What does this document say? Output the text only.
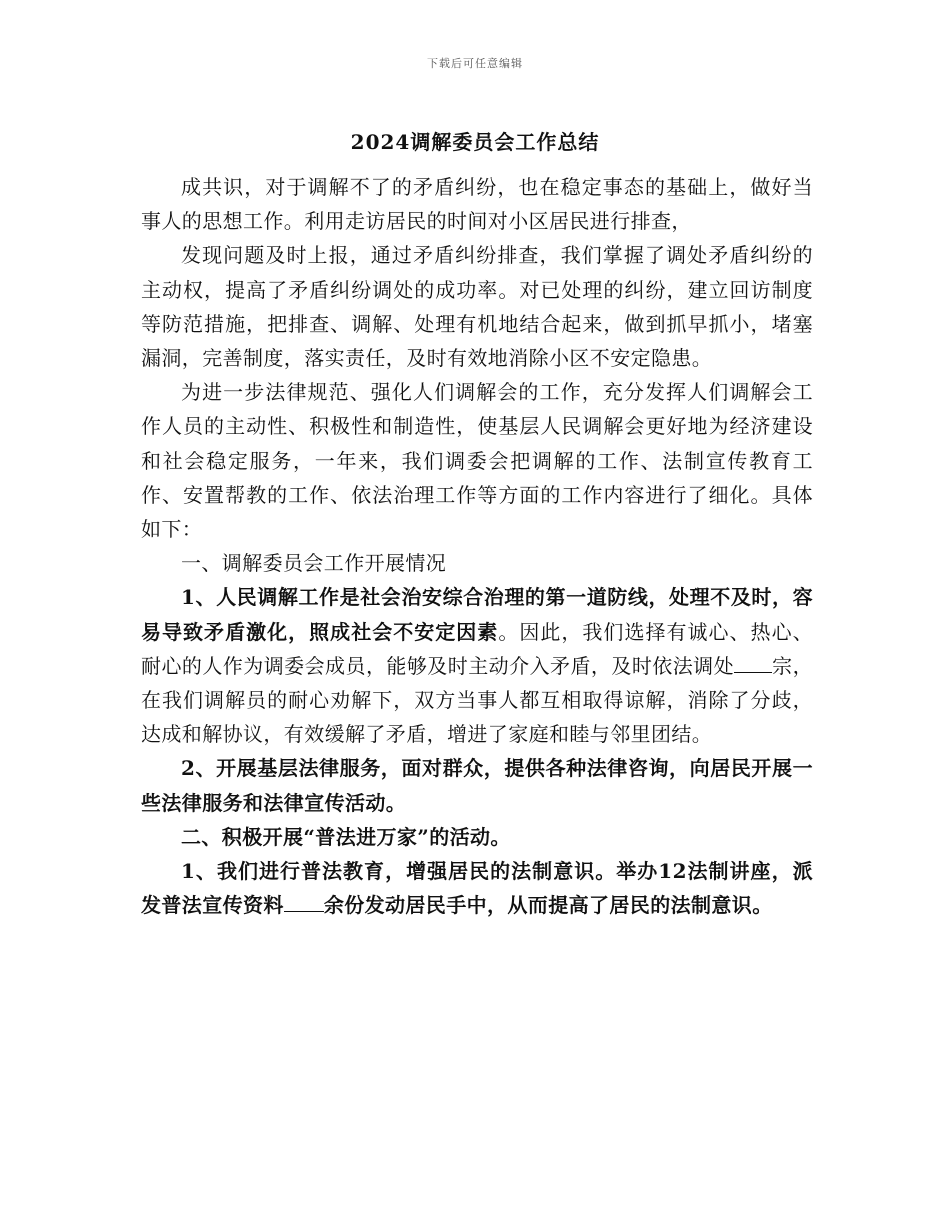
下载后可任意编辑
2024调解委员会工作总结

成共识，对于调解不了的矛盾纠纷，也在稳定事态的基础上，做好当事人的思想工作。利用走访居民的时间对小区居民进行排查，

发现问题及时上报，通过矛盾纠纷排查，我们掌握了调处矛盾纠纷的主动权，提高了矛盾纠纷调处的成功率。对已处理的纠纷，建立回访制度等防范措施，把排查、调解、处理有机地结合起来，做到抓早抓小，堵塞漏洞，完善制度，落实责任，及时有效地消除小区不安定隐患。

为进一步法律规范、强化人们调解会的工作，充分发挥人们调解会工作人员的主动性、积极性和制造性，使基层人民调解会更好地为经济建设和社会稳定服务，一年来，我们调委会把调解的工作、法制宣传教育工作、安置帮教的工作、依法治理工作等方面的工作内容进行了细化。具体如下：

一、调解委员会工作开展情况

1、人民调解工作是社会治安综合治理的第一道防线，处理不及时，容易导致矛盾激化，照成社会不安定因素。因此，我们选择有诚心、热心、耐心的人作为调委会成员，能够及时主动介入矛盾，及时依法调处 宗，在我们调解员的耐心劝解下，双方当事人都互相取得谅解，消除了分歧，达成和解协议，有效缓解了矛盾，增进了家庭和睦与邻里团结。

2、开展基层法律服务，面对群众，提供各种法律咨询，向居民开展一些法律服务和法律宣传活动。

二、积极开展“普法进万家”的活动。

1、我们进行普法教育，增强居民的法制意识。举办12法制讲座，派发普法宣传资料 余份发动居民手中，从而提高了居民的法制意识。
